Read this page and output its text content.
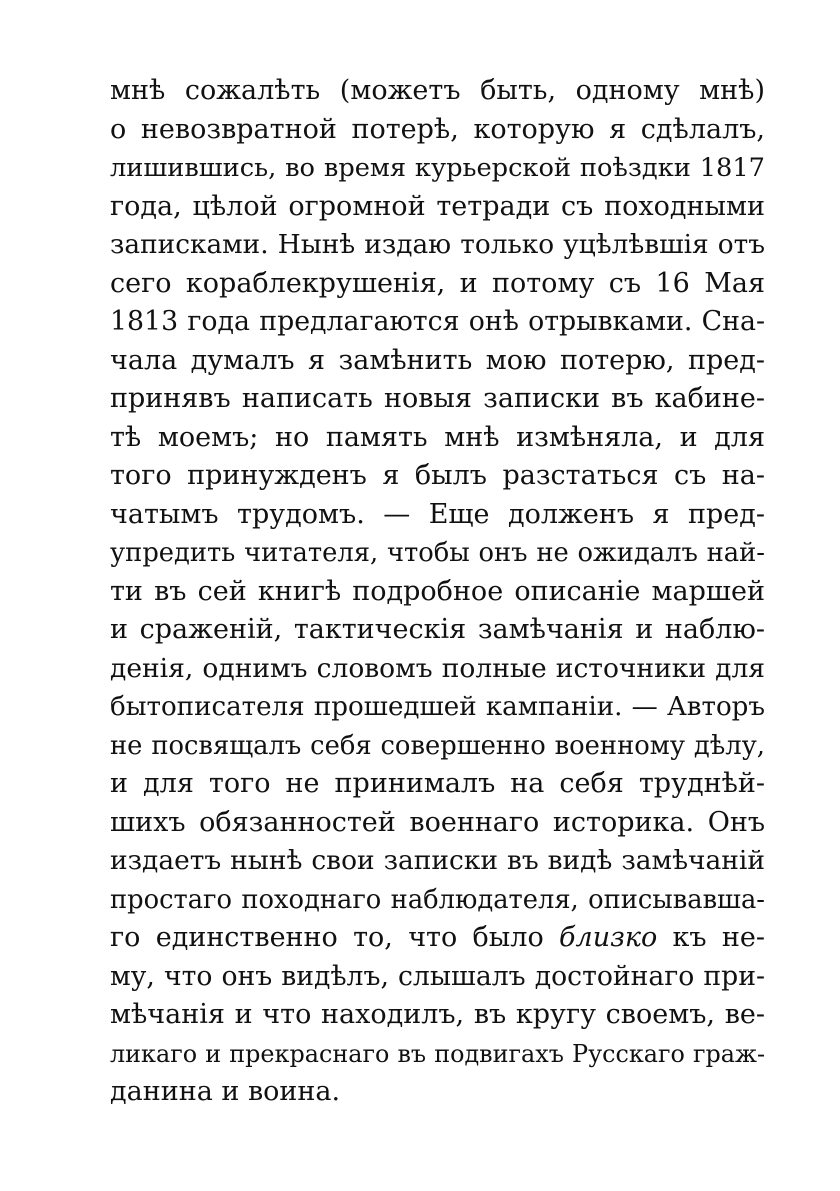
мнѣ сожалѣть (можетъ быть, одному мнѣ)
о невозвратной потерѣ, которую я сдѣлалъ,
лишившись, во время курьерской поѣздки 1817
года, цѣлой огромной тетради съ походными
записками. Нынѣ издаю только уцѣлѣвшія отъ
сего кораблекрушенія, и потому съ 16 Мая
1813 года предлагаются онѣ отрывками. Сна-
чала думалъ я замѣнить мою потерю, пред-
принявъ написать новыя записки въ кабине-
тѣ моемъ; но память мнѣ измѣняла, и для
того принужденъ я былъ разстаться съ на-
чатымъ трудомъ. — Еще долженъ я пред-
упредить читателя, чтобы онъ не ожидалъ най-
ти въ сей книгѣ подробное описаніе маршей
и сраженій, тактическія замѣчанія и наблю-
денія, однимъ словомъ полные источники для
бытописателя прошедшей кампаніи. — Авторъ
не посвящалъ себя совершенно военному дѣлу,
и для того не принималъ на себя труднѣй-
шихъ обязанностей военнаго историка. Онъ
издаетъ нынѣ свои записки въ видѣ замѣчаній
простаго походнаго наблюдателя, описывавша-
го единственно то, что было близко къ не-
му, что онъ видѣлъ, слышалъ достойнаго при-
мѣчанія и что находилъ, въ кругу своемъ, ве-
ликаго и прекраснаго въ подвигахъ Русскаго граж-
данина и воина.
